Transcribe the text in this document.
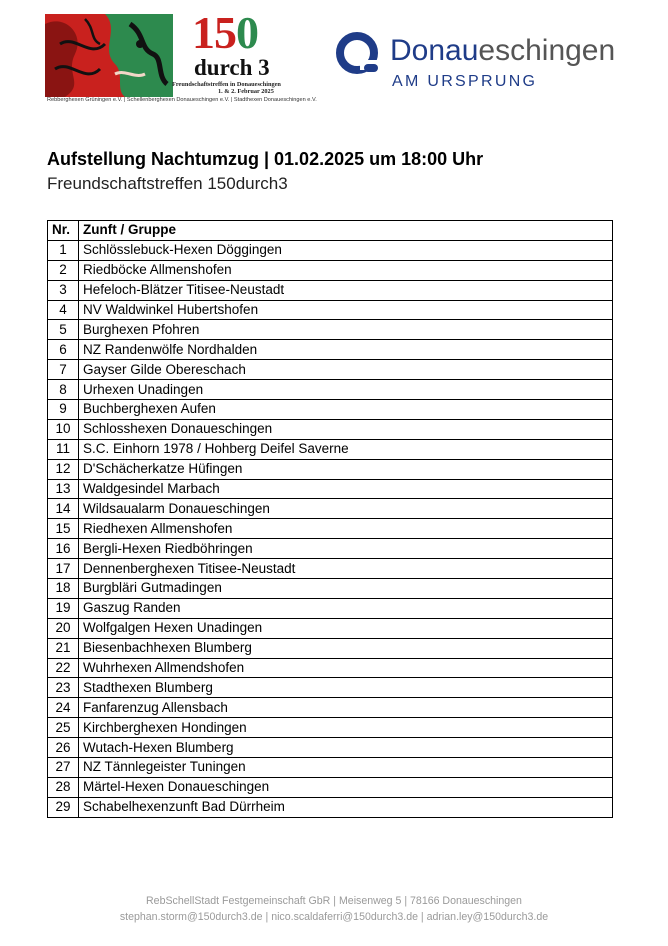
150
durch 3
Freundschaftstreffen in Donaueschingen
1. & 2. Februar 2025
Rebberghexen Grüningen e.V. | Schellenberghexen Donaueschingen e.V. | Stadthexen Donaueschingen e.V.
Donaueschingen
AM URSPRUNG
Aufstellung Nachtumzug | 01.02.2025 um 18:00 Uhr
Freundschaftstreffen 150durch3
Nr.	Zunft / Gruppe
1	Schlösslebuck-Hexen Döggingen
2	Riedböcke Allmenshofen
3	Hefeloch-Blätzer Titisee-Neustadt
4	NV Waldwinkel Hubertshofen
5	Burghexen Pfohren
6	NZ Randenwölfe Nordhalden
7	Gayser Gilde Obereschach
8	Urhexen Unadingen
9	Buchberghexen Aufen
10	Schlosshexen Donaueschingen
11	S.C. Einhorn 1978 / Hohberg Deifel Saverne
12	D'Schächerkatze Hüfingen
13	Waldgesindel Marbach
14	Wildsaualarm Donaueschingen
15	Riedhexen Allmenshofen
16	Bergli-Hexen Riedböhringen
17	Dennenberghexen Titisee-Neustadt
18	Burgbläri Gutmadingen
19	Gaszug Randen
20	Wolfgalgen Hexen Unadingen
21	Biesenbachhexen Blumberg
22	Wuhrhexen Allmendshofen
23	Stadthexen Blumberg
24	Fanfarenzug Allensbach
25	Kirchberghexen Hondingen
26	Wutach-Hexen Blumberg
27	NZ Tännlegeister Tuningen
28	Märtel-Hexen Donaueschingen
29	Schabelhexenzunft Bad Dürrheim
RebSchellStadt Festgemeinschaft GbR | Meisenweg 5 | 78166 Donaueschingen
stephan.storm@150durch3.de | nico.scaldaferri@150durch3.de | adrian.ley@150durch3.de
